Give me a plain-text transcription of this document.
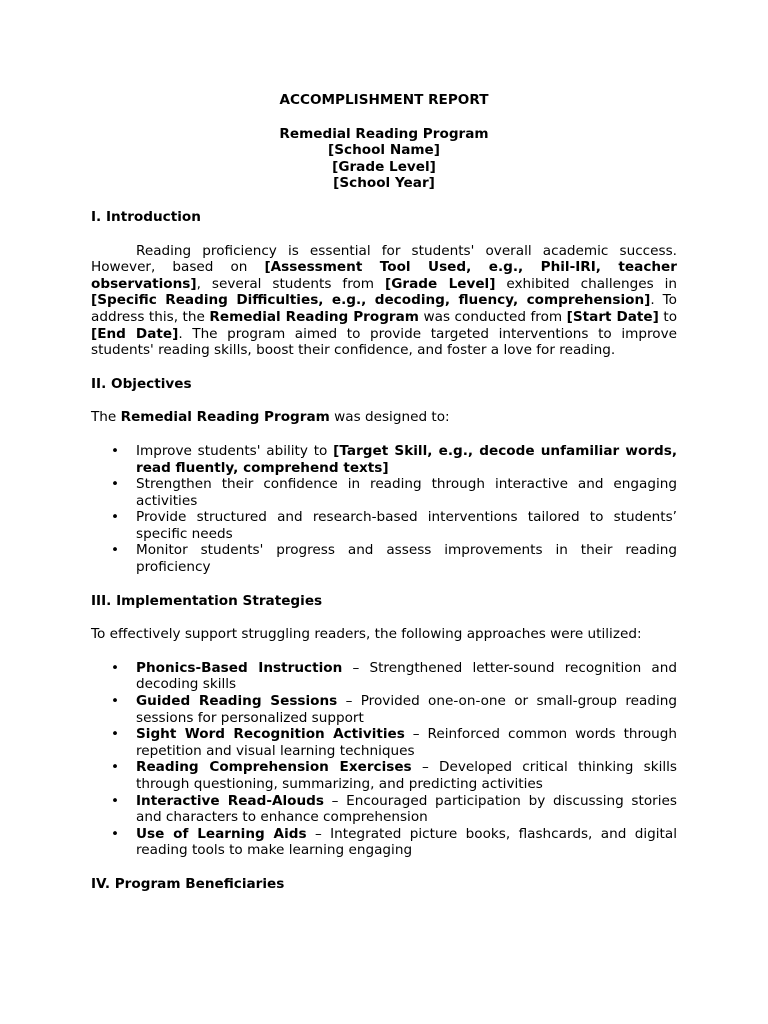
ACCOMPLISHMENT REPORT
Remedial Reading Program
[School Name]
[Grade Level]
[School Year]
I. Introduction

Reading proficiency is essential for students' overall academic success. However, based on [Assessment Tool Used, e.g., Phil-IRI, teacher observations], several students from [Grade Level] exhibited challenges in [Specific Reading Difficulties, e.g., decoding, fluency, comprehension]. To address this, the Remedial Reading Program was conducted from [Start Date] to [End Date]. The program aimed to provide targeted interventions to improve students' reading skills, boost their confidence, and foster a love for reading.

II. Objectives

The Remedial Reading Program was designed to:

• Improve students' ability to [Target Skill, e.g., decode unfamiliar words, read fluently, comprehend texts]
• Strengthen their confidence in reading through interactive and engaging activities
• Provide structured and research-based interventions tailored to students’ specific needs
• Monitor students' progress and assess improvements in their reading proficiency
III. Implementation Strategies

To effectively support struggling readers, the following approaches were utilized:

• Phonics-Based Instruction – Strengthened letter-sound recognition and decoding skills
• Guided Reading Sessions – Provided one-on-one or small-group reading sessions for personalized support
• Sight Word Recognition Activities – Reinforced common words through repetition and visual learning techniques
• Reading Comprehension Exercises – Developed critical thinking skills through questioning, summarizing, and predicting activities
• Interactive Read-Alouds – Encouraged participation by discussing stories and characters to enhance comprehension
• Use of Learning Aids – Integrated picture books, flashcards, and digital reading tools to make learning engaging
IV. Program Beneficiaries
